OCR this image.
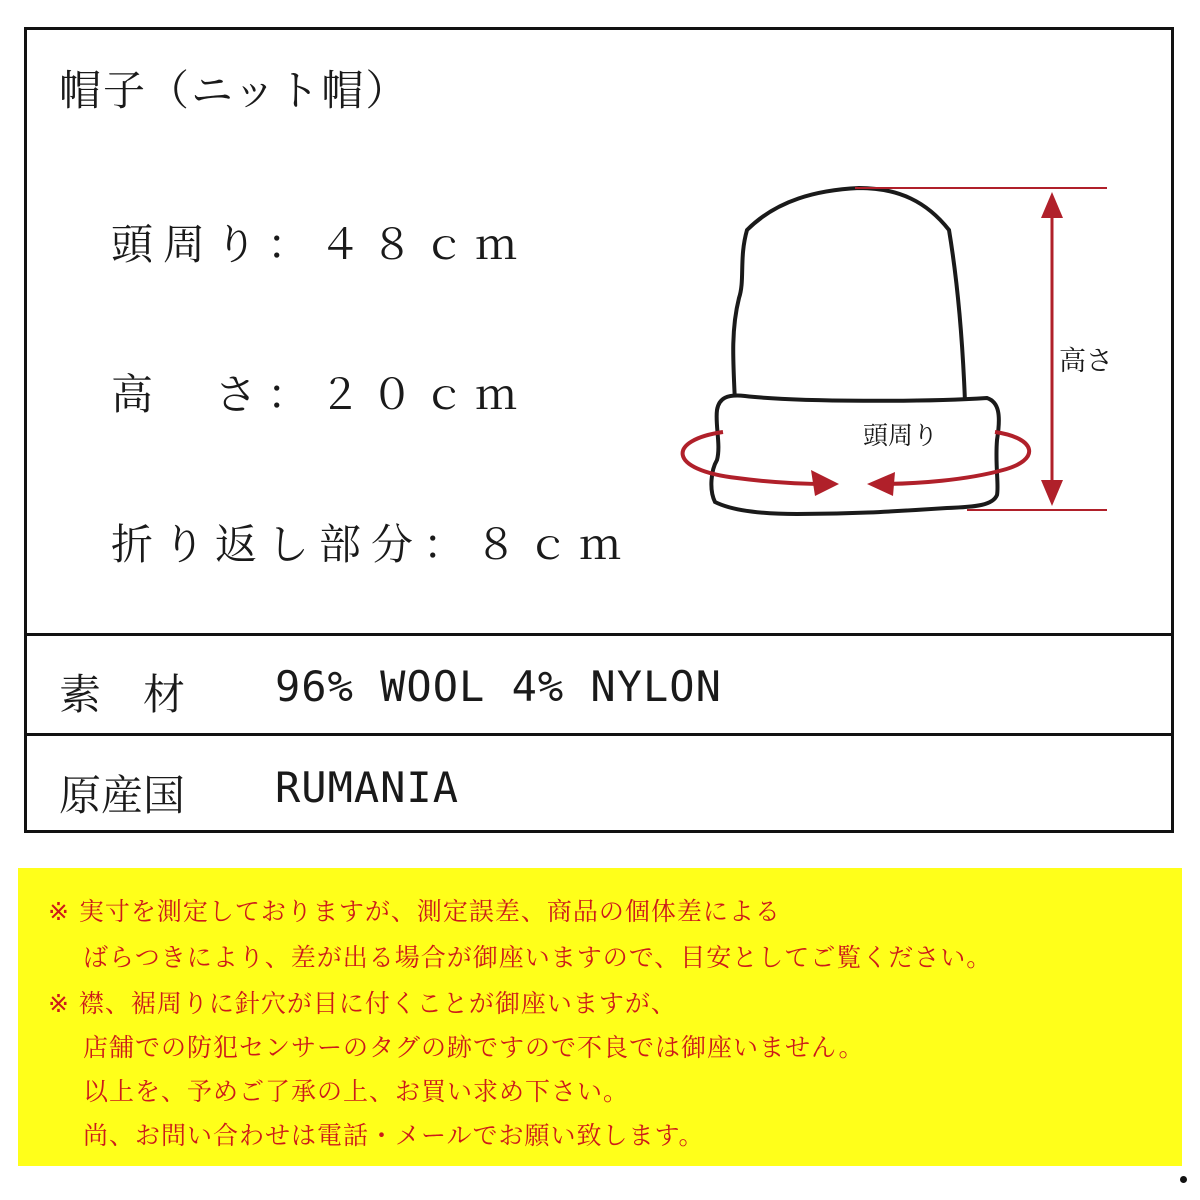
帽子（ニット帽）
頭周り：４８ｃｍ
高　さ：２０ｃｍ
折り返し部分：８ｃｍ
高さ
頭周り
素　材 96% WOOL 4% NYLON
原産国 RUMANIA
※ 実寸を測定しておりますが、測定誤差、商品の個体差による
　 ばらつきにより、差が出る場合が御座いますので、目安としてご覧ください。
※ 襟、裾周りに針穴が目に付くことが御座いますが、
　 店舗での防犯センサーのタグの跡ですので不良では御座いません。
　 以上を、予めご了承の上、お買い求め下さい。
　 尚、お問い合わせは電話・メールでお願い致します。
